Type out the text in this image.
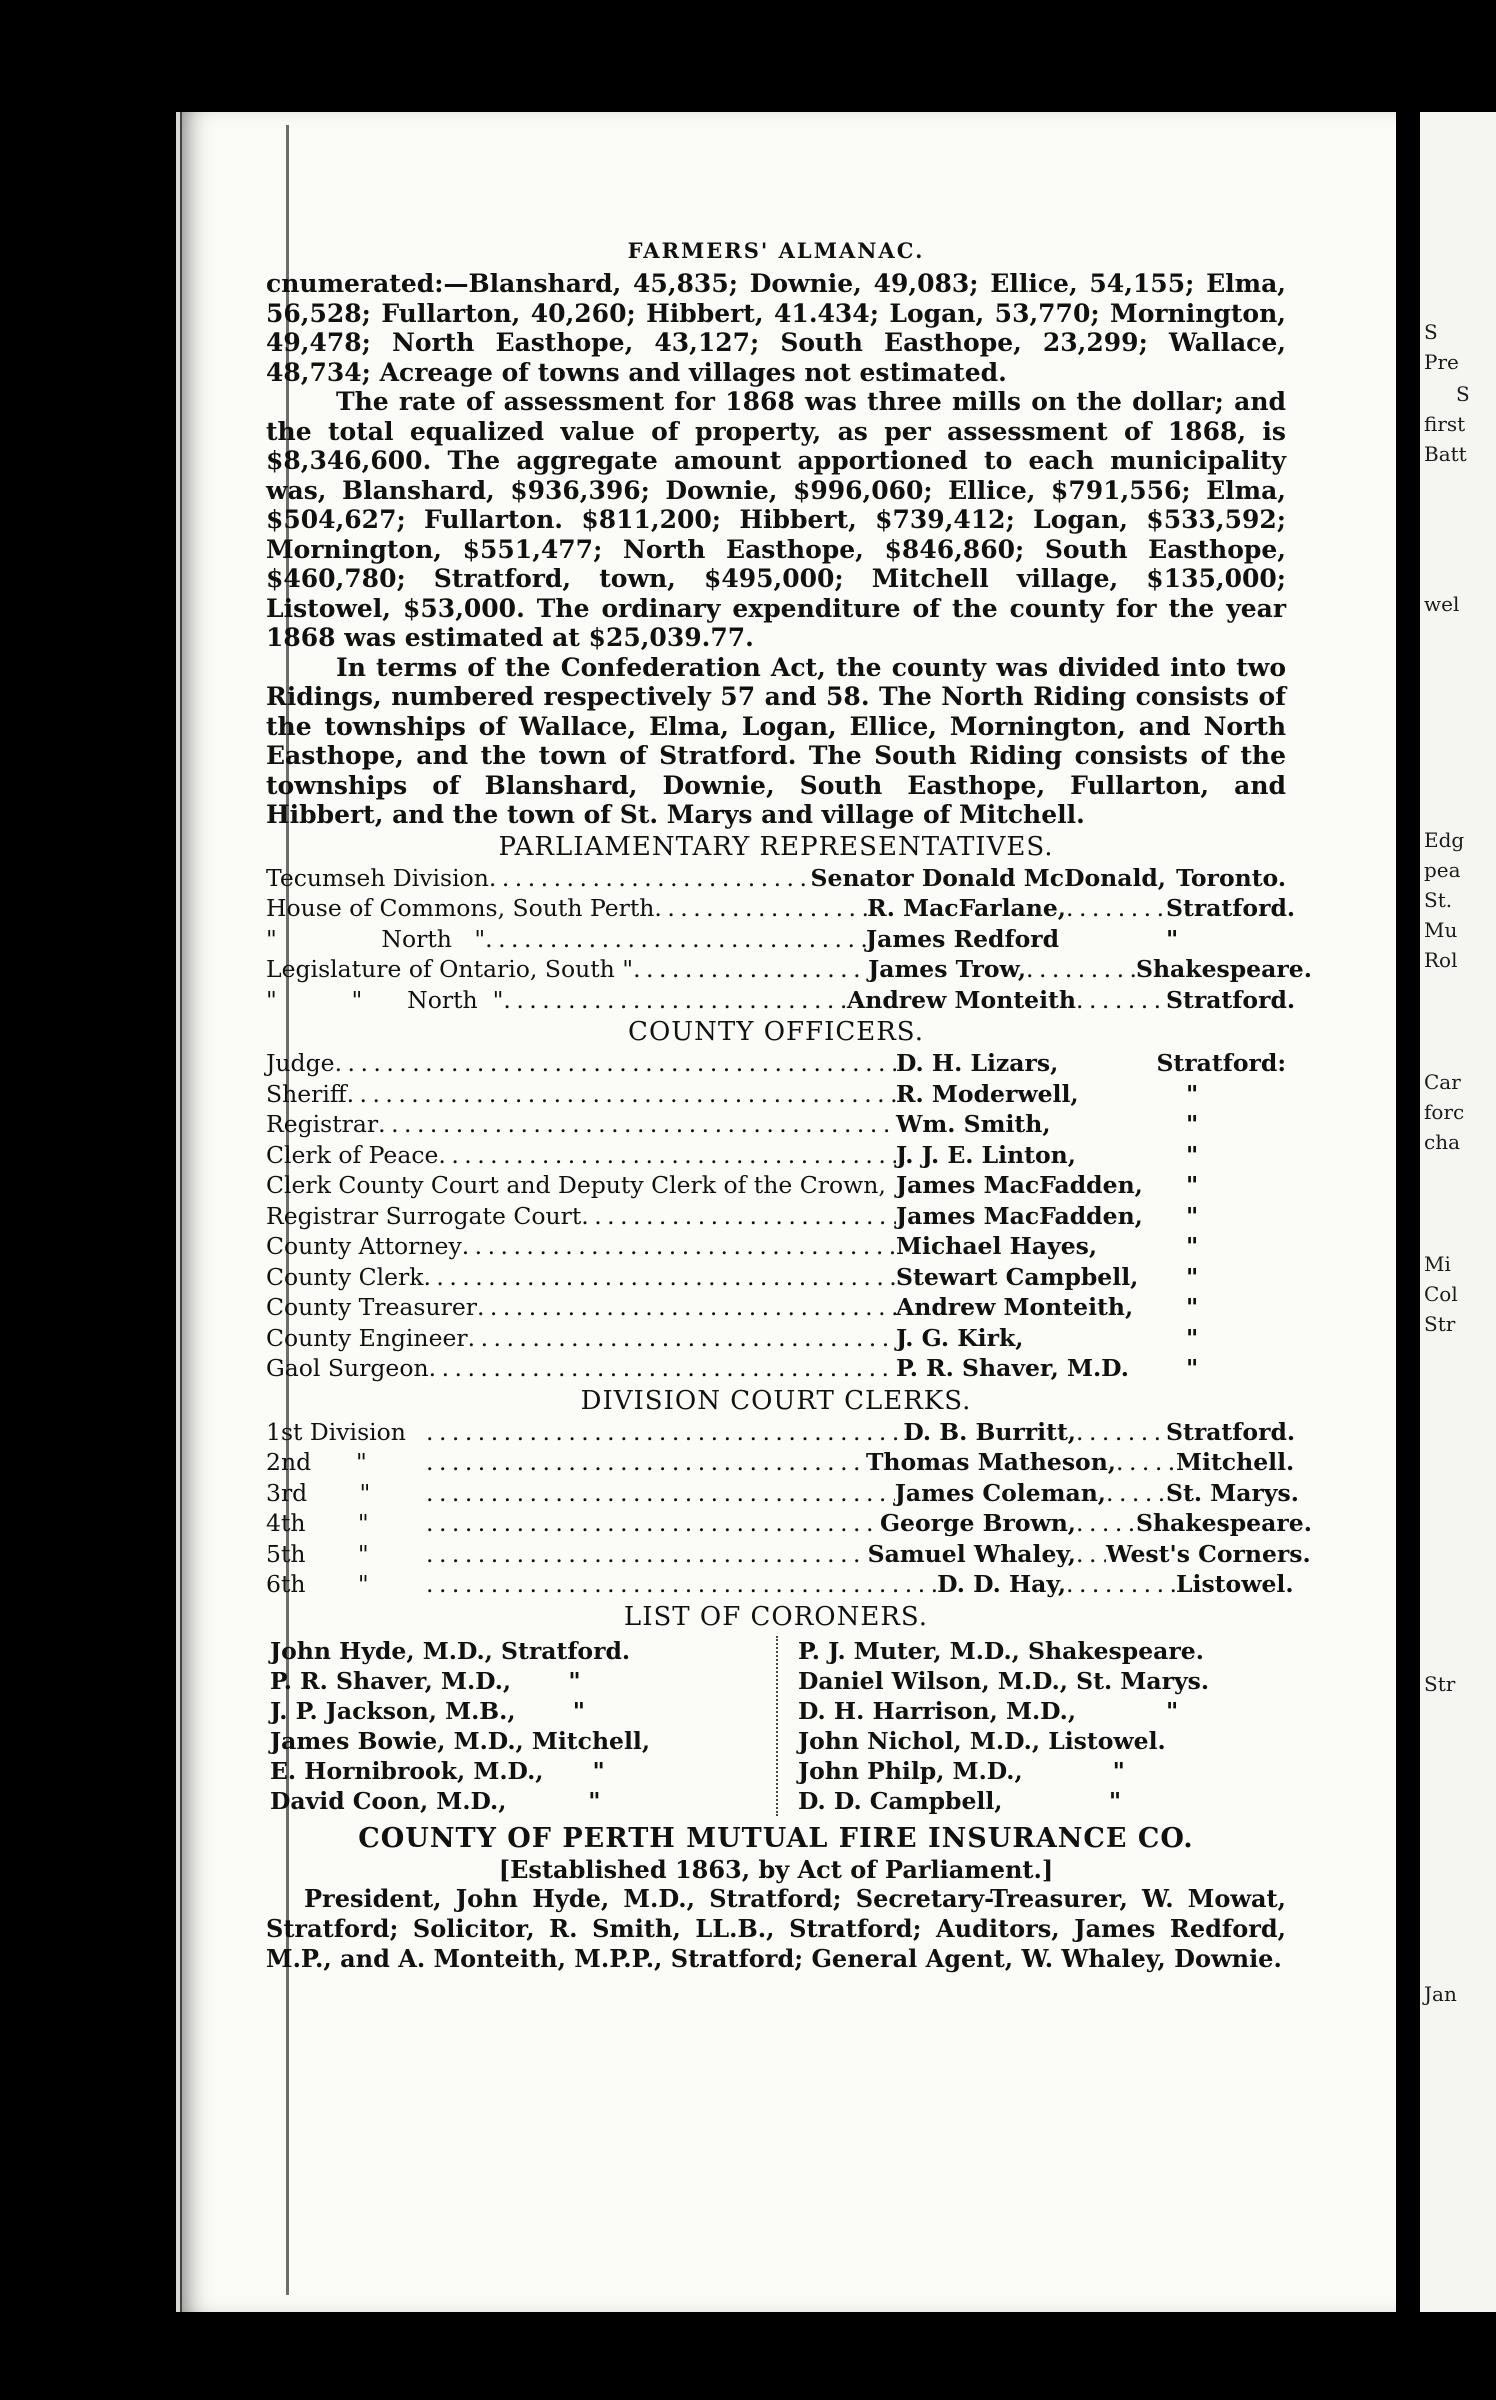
S
Pre
S
first
Batt
wel
Edg
pea
St.
Mu
Rol
Car
forc
cha
Mi
Col
Str
Str
Jan
FARMERS' ALMANAC.

cnumerated:—Blanshard, 45,835; Downie, 49,083; Ellice, 54,155; Elma, 56,528; Fullarton, 40,260; Hibbert, 41.434; Logan, 53,770; Mornington, 49,478; North Easthope, 43,127; South Easthope, 23,299; Wallace, 48,734; Acreage of towns and villages not estimated.

The rate of assessment for 1868 was three mills on the dollar; and the total equalized value of property, as per assessment of 1868, is $8,346,600. The aggregate amount apportioned to each municipality was, Blanshard, $936,396; Downie, $996,060; Ellice, $791,556; Elma, $504,627; Fullarton. $811,200; Hibbert, $739,412; Logan, $533,592; Mornington, $551,477; North Easthope, $846,860; South Easthope, $460,780; Stratford, town, $495,000; Mitchell village, $135,000; Listowel, $53,000. The ordinary expenditure of the county for the year 1868 was estimated at $25,039.77.

In terms of the Confederation Act, the county was divided into two Ridings, numbered respectively 57 and 58. The North Riding consists of the townships of Wallace, Elma, Logan, Ellice, Mornington, and North Easthope, and the town of Stratford. The South Riding consists of the townships of Blanshard, Downie, South Easthope, Fullarton, and Hibbert, and the town of St. Marys and village of Mitchell.

PARLIAMENTARY REPRESENTATIVES.
Tecumseh Division . . .	Senator Donald McDonald, Toronto.
House of Commons, South Perth . . .	R. MacFarlane, . . .	Stratford.
"              North   " . . .	James Redford	"
Legislature of Ontario, South " . . .	James Trow, . . .	Shakespeare.
"          "      North  " . . .	Andrew Monteith . . .	Stratford.
COUNTY OFFICERS.
Judge . . .	D. H. Lizars,	Stratford:
Sheriff . . .	R. Moderwell,	"
Registrar . . .	Wm. Smith,	"
Clerk of Peace . . .	J. J. E. Linton,	"
Clerk County Court and Deputy Clerk of the Crown, James MacFadden,	"
Registrar Surrogate Court . . .	James MacFadden,	"
County Attorney . . .	Michael Hayes,	"
County Clerk . . .	Stewart Campbell,	"
County Treasurer . . .	Andrew Monteith,	"
County Engineer . . .	J. G. Kirk,	"
Gaol Surgeon . . .	P. R. Shaver, M.D.	"
DIVISION COURT CLERKS.
1st Division . . .	D. B. Burritt, . . .	Stratford.
2nd      " . . .	Thomas Matheson, . . .	Mitchell.
3rd       " . . .	James Coleman, . . .	St. Marys.
4th       " . . .	George Brown, . . .	Shakespeare.
5th       " . . .	Samuel Whaley, . . . West's Corners.
6th       " . . .	D. D. Hay, . . .	Listowel.
LIST OF CORONERS.
John Hyde, M.D., Stratford.
P. R. Shaver, M.D.,       "
J. P. Jackson, M.B.,       "
James Bowie, M.D., Mitchell,
E. Hornibrook, M.D.,      "
David Coon, M.D.,          "
P. J. Muter, M.D., Shakespeare.
Daniel Wilson, M.D., St. Marys.
D. H. Harrison, M.D.,           "
John Nichol, M.D., Listowel.
John Philp, M.D.,           "
D. D. Campbell,             "
COUNTY OF PERTH MUTUAL FIRE INSURANCE CO.
[Established 1863, by Act of Parliament.]
President, John Hyde, M.D., Stratford; Secretary-Treasurer, W. Mowat, Stratford; Solicitor, R. Smith, LL.B., Stratford; Auditors, James Redford, M.P., and A. Monteith, M.P.P., Stratford; General Agent, W. Whaley, Downie.
